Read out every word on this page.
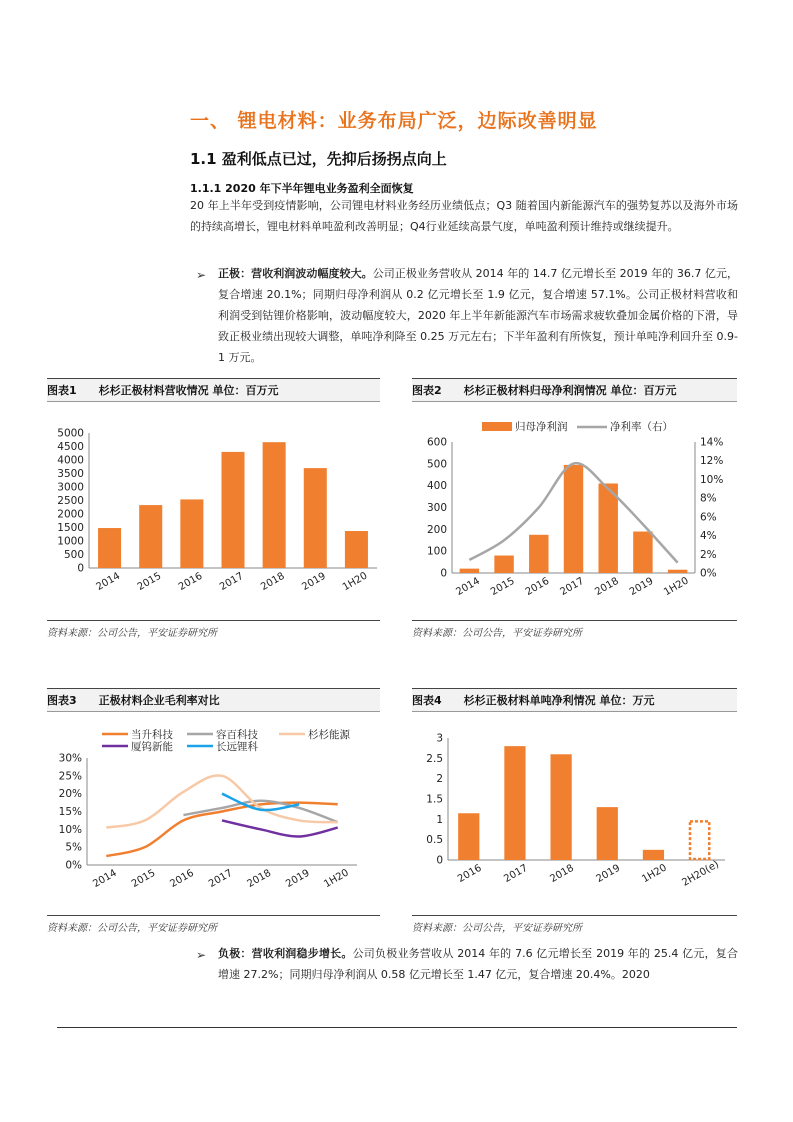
一、 锂电材料：业务布局广泛，边际改善明显
1.1 盈利低点已过，先抑后扬拐点向上
1.1.1 2020 年下半年锂电业务盈利全面恢复
20 年上半年受到疫情影响，公司锂电材料业务经历业绩低点；Q3 随着国内新能源汽车的强势复苏以及海外市场的持续高增长，锂电材料单吨盈利改善明显；Q4行业延续高景气度，单吨盈利预计维持或继续提升。
➢ 正极：营收利润波动幅度较大。公司正极业务营收从 2014 年的 14.7 亿元增长至 2019 年的 36.7 亿元，复合增速 20.1%；同期归母净利润从 0.2 亿元增长至 1.9 亿元，复合增速 57.1%。公司正极材料营收和利润受到钴锂价格影响，波动幅度较大，2020 年上半年新能源汽车市场需求疲软叠加金属价格的下滑，导致正极业绩出现较大调整，单吨净利降至 0.25 万元左右；下半年盈利有所恢复，预计单吨净利回升至 0.9-1 万元。
图表1 杉杉正极材料营收情况 单位：百万元
0
500
1000
1500
2000
2500
3000
3500
4000
4500
5000
2014 2015 2016 2017 2018 2019 1H20
资料来源：公司公告，平安证券研究所
图表2 杉杉正极材料归母净利润情况 单位：百万元
0
100
200
300
400
500
600
0%
2%
4%
6%
8%
10%
12%
14%
归母净利润	净利率（右）
2014 2015 2016 2017 2018 2019 1H20
资料来源：公司公告，平安证券研究所
图表3 正极材料企业毛利率对比
0%
5%
10%
15%
20%
25%
30%
当升科技	容百科技	杉杉能源
厦钨新能	长远锂科
2014 2015 2016 2017 2018 2019 1H20
资料来源：公司公告，平安证券研究所
图表4 杉杉正极材料单吨净利情况 单位：万元
0
0.5
1
1.5
2
2.5
3
2016 2017 2018 2019 1H20 2H20(e)
资料来源：公司公告，平安证券研究所
➢ 负极：营收利润稳步增长。公司负极业务营收从 2014 年的 7.6 亿元增长至 2019 年的 25.4 亿元，复合增速 27.2%；同期归母净利润从 0.58 亿元增长至 1.47 亿元，复合增速 20.4%。2020
